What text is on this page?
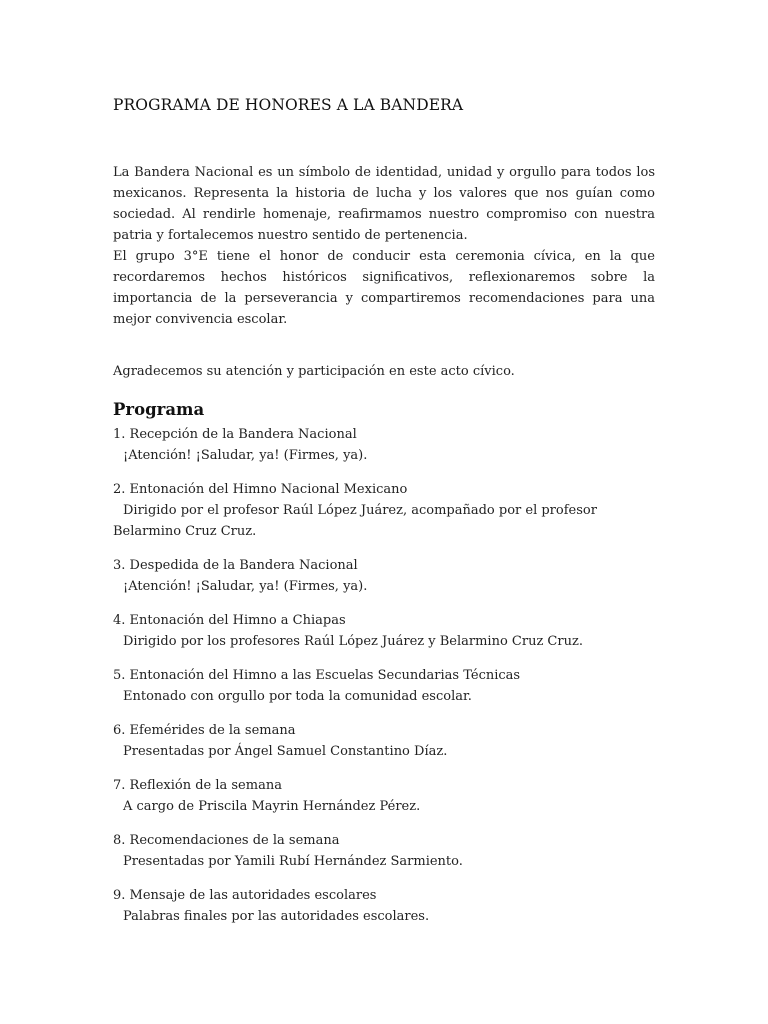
PROGRAMA DE HONORES A LA BANDERA

La Bandera Nacional es un símbolo de identidad, unidad y orgullo para todos los mexicanos. Representa la historia de lucha y los valores que nos guían como sociedad. Al rendirle homenaje, reafirmamos nuestro compromiso con nuestra patria y fortalecemos nuestro sentido de pertenencia.

El grupo 3°E tiene el honor de conducir esta ceremonia cívica, en la que recordaremos hechos históricos significativos, reflexionaremos sobre la importancia de la perseverancia y compartiremos recomendaciones para una mejor convivencia escolar.

Agradecemos su atención y participación en este acto cívico.

Programa
1. Recepción de la Bandera Nacional
¡Atención! ¡Saludar, ya! (Firmes, ya).
2. Entonación del Himno Nacional Mexicano
Dirigido por el profesor Raúl López Juárez, acompañado por el profesor Belarmino Cruz Cruz.
3. Despedida de la Bandera Nacional
¡Atención! ¡Saludar, ya! (Firmes, ya).
4. Entonación del Himno a Chiapas
Dirigido por los profesores Raúl López Juárez y Belarmino Cruz Cruz.
5. Entonación del Himno a las Escuelas Secundarias Técnicas
Entonado con orgullo por toda la comunidad escolar.
6. Efemérides de la semana
Presentadas por Ángel Samuel Constantino Díaz.
7. Reflexión de la semana
A cargo de Priscila Mayrin Hernández Pérez.
8. Recomendaciones de la semana
Presentadas por Yamili Rubí Hernández Sarmiento.
9. Mensaje de las autoridades escolares
Palabras finales por las autoridades escolares.
